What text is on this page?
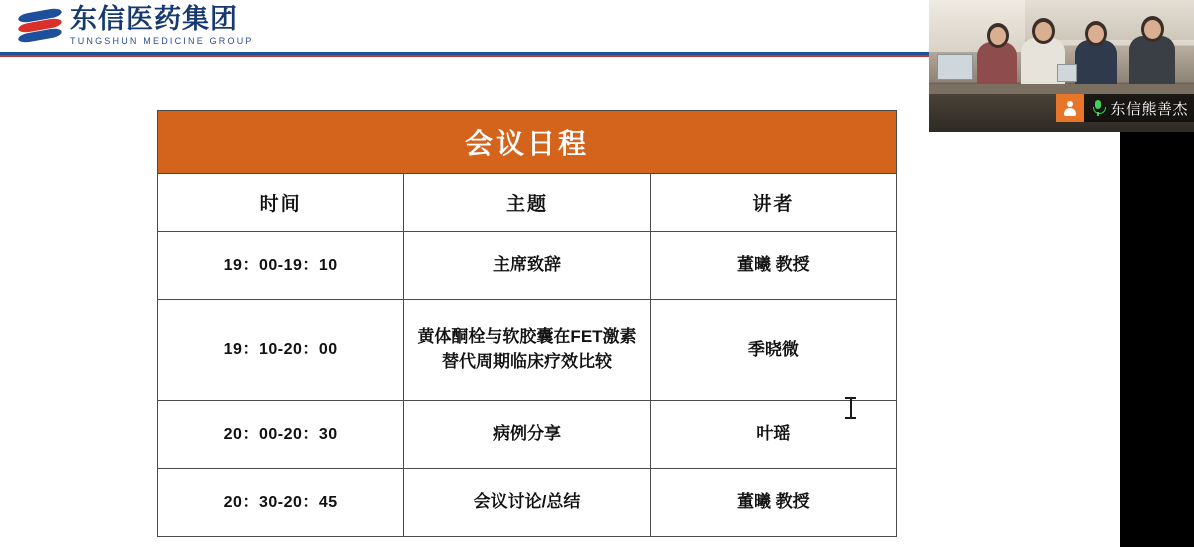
东信医药集团
TUNGSHUN MEDICINE GROUP
会议日程		
时间	主题	讲者
19：00-19：10	主席致辞	董曦 教授
19：10-20：00	黄体酮栓与软胶囊在FET激素替代周期临床疗效比较	季晓微
20：00-20：30	病例分享	叶瑶
20：30-20：45	会议讨论/总结	董曦 教授
东信熊善杰
